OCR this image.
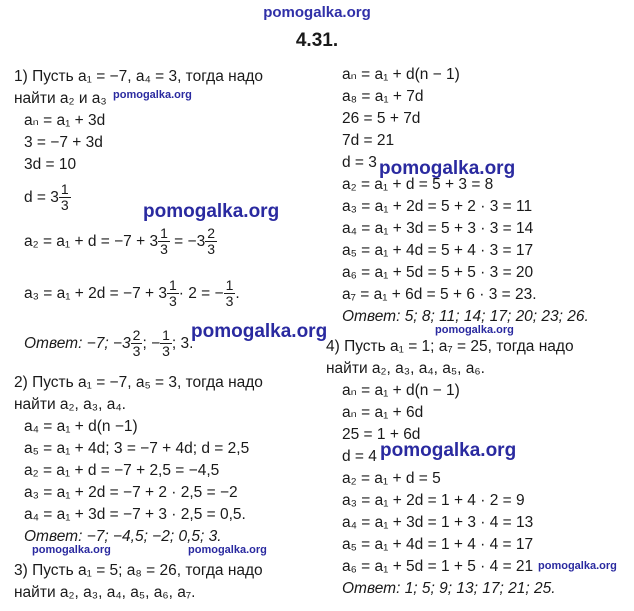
pomogalka.org
pomogalka.org
pomogalka.org
pomogalka.org
pomogalka.org	pomogalka.org
pomogalka.org
pomogalka.org	pomogalka.org
pomogalka.org
4.31.
1) Пусть a₁ = −7, a₄ = 3, тогда надо
найти a₂ и a₃
aₙ = a₁ + 3d
3 = −7 + 3d
3d = 10
$d = 3 \frac{1}{3}$
$a_2 = a_1 + d = -7 + 3 \frac{1}{3} = -3 \frac{2}{3}$
$a_3 = a_1 + 2d = -7 + 3 \frac{1}{3} \cdot 2$ = − $\frac{1}{3}$ .
Ответ: −7; $-3 \frac{2}{3}$ ; − $\frac{1}{3}$ ; 3.
2) Пусть a₁ = −7, a₅ = 3, тогда надо
найти a₂, a₃, a₄.
a₄ = a₁ + d(n −1)
a₅ = a₁ + 4d; 3 = −7 + 4d; d = 2,5
a₂ = a₁ + d = −7 + 2,5 = −4,5
a₃ = a₁ + 2d = −7 + 2 · 2,5 = −2
a₄ = a₁ + 3d = −7 + 3 · 2,5 = 0,5.
Ответ: −7; −4,5; −2; 0,5; 3.
3) Пусть a₁ = 5; a₈ = 26, тогда надо
найти a₂, a₃, a₄, a₅, a₆, a₇.
aₙ = a₁ + d(n − 1)
a₈ = a₁ + 7d
26 = 5 + 7d
7d = 21
d = 3
a₂ = a₁ + d = 5 + 3 = 8
a₃ = a₁ + 2d = 5 + 2 · 3 = 11
a₄ = a₁ + 3d = 5 + 3 · 3 = 14
a₅ = a₁ + 4d = 5 + 4 · 3 = 17
a₆ = a₁ + 5d = 5 + 5 · 3 = 20
a₇ = a₁ + 6d = 5 + 6 · 3 = 23.
Ответ: 5; 8; 11; 14; 17; 20; 23; 26.
4) Пусть a₁ = 1; a₇ = 25, тогда надо
найти a₂, a₃, a₄, a₅, a₆.
aₙ = a₁ + d(n − 1)
aₙ = a₁ + 6d
25 = 1 + 6d
d = 4
a₂ = a₁ + d = 5
a₃ = a₁ + 2d = 1 + 4 · 2 = 9
a₄ = a₁ + 3d = 1 + 3 · 4 = 13
a₅ = a₁ + 4d = 1 + 4 · 4 = 17
a₆ = a₁ + 5d = 1 + 5 · 4 = 21
Ответ: 1; 5; 9; 13; 17; 21; 25.
